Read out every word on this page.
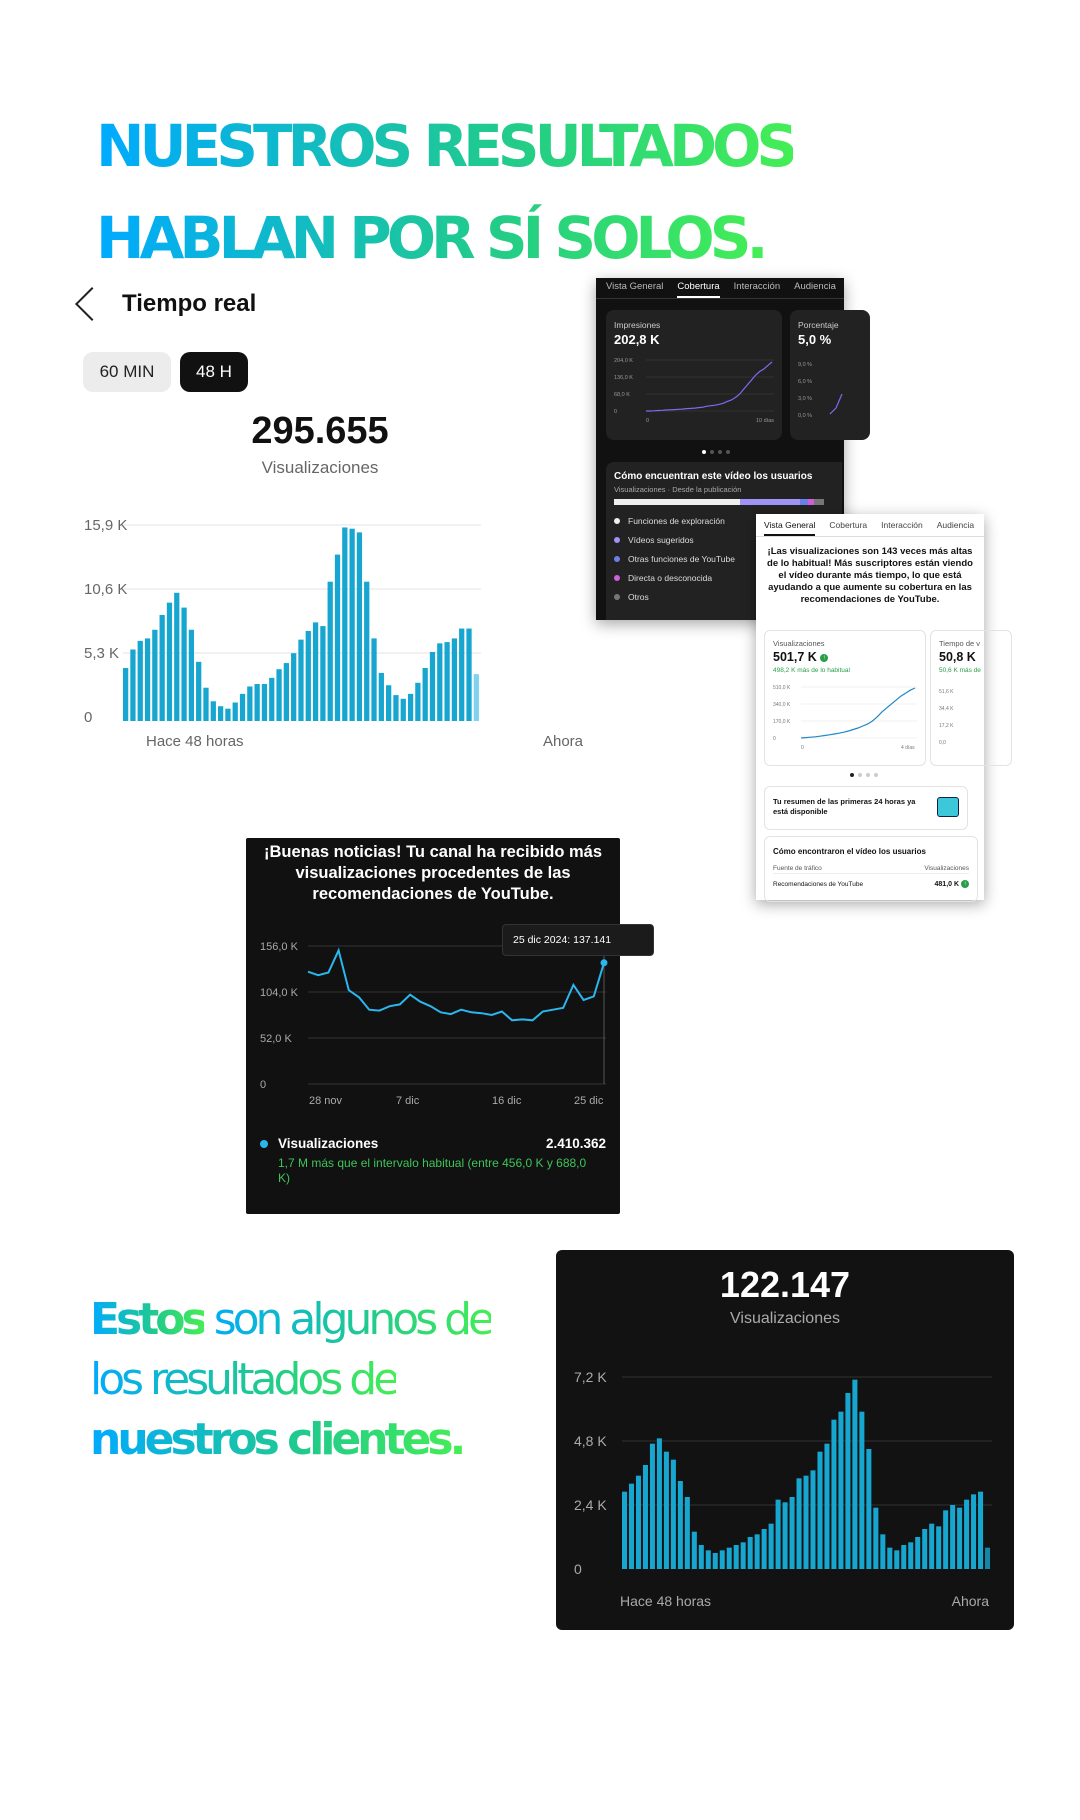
NUESTROS RESULTADOS
HABLAN POR SÍ SOLOS.
Tiempo real
60 MIN	48 H
295.655
Visualizaciones
15,9 K
10,6 K
5,3 K
0
Hace 48 horas	Ahora
Vista General Cobertura Interacción Audiencia
Impresiones
202,8 K
204,0 K
136,0 K
68,0 K
0
0	10 días
Porcentaje
5,0 %
9,0 %
6,0 %
3,0 %
0,0 %
Cómo encuentran este vídeo los usuarios
Visualizaciones · Desde la publicación
Funciones de exploración
Vídeos sugeridos
Otras funciones de YouTube
Directa o desconocida
Otros
Vista General Cobertura Interacción Audiencia
¡Las visualizaciones son 143 veces más altas de lo habitual! Más suscriptores están viendo el vídeo durante más tiempo, lo que está ayudando a que aumente su cobertura en las recomendaciones de YouTube.
Visualizaciones
501,7 K ↑
498,2 K más de lo habitual
510,0 K
340,0 K
170,0 K
0
0	4 días
Tiempo de v
50,8 K
50,6 K más de
51,6 K
34,4 K
17,2 K
0,0
Tu resumen de las primeras 24 horas ya está disponible
Cómo encontraron el vídeo los usuarios
Fuente de tráfico	Visualizaciones
Recomendaciones de YouTube	481,0 K ↑
¡Buenas noticias! Tu canal ha recibido más visualizaciones procedentes de las recomendaciones de YouTube.
156,0 K
104,0 K
52,0 K
0
28 nov	7 dic	16 dic	25 dic
25 dic 2024: 137.141
Visualizaciones	2.410.362
1,7 M más que el intervalo habitual (entre 456,0 K y 688,0 K)
Estos son algunos de
los resultados de
nuestros clientes.
122.147
Visualizaciones
7,2 K
4,8 K
2,4 K
0
Hace 48 horas	Ahora
